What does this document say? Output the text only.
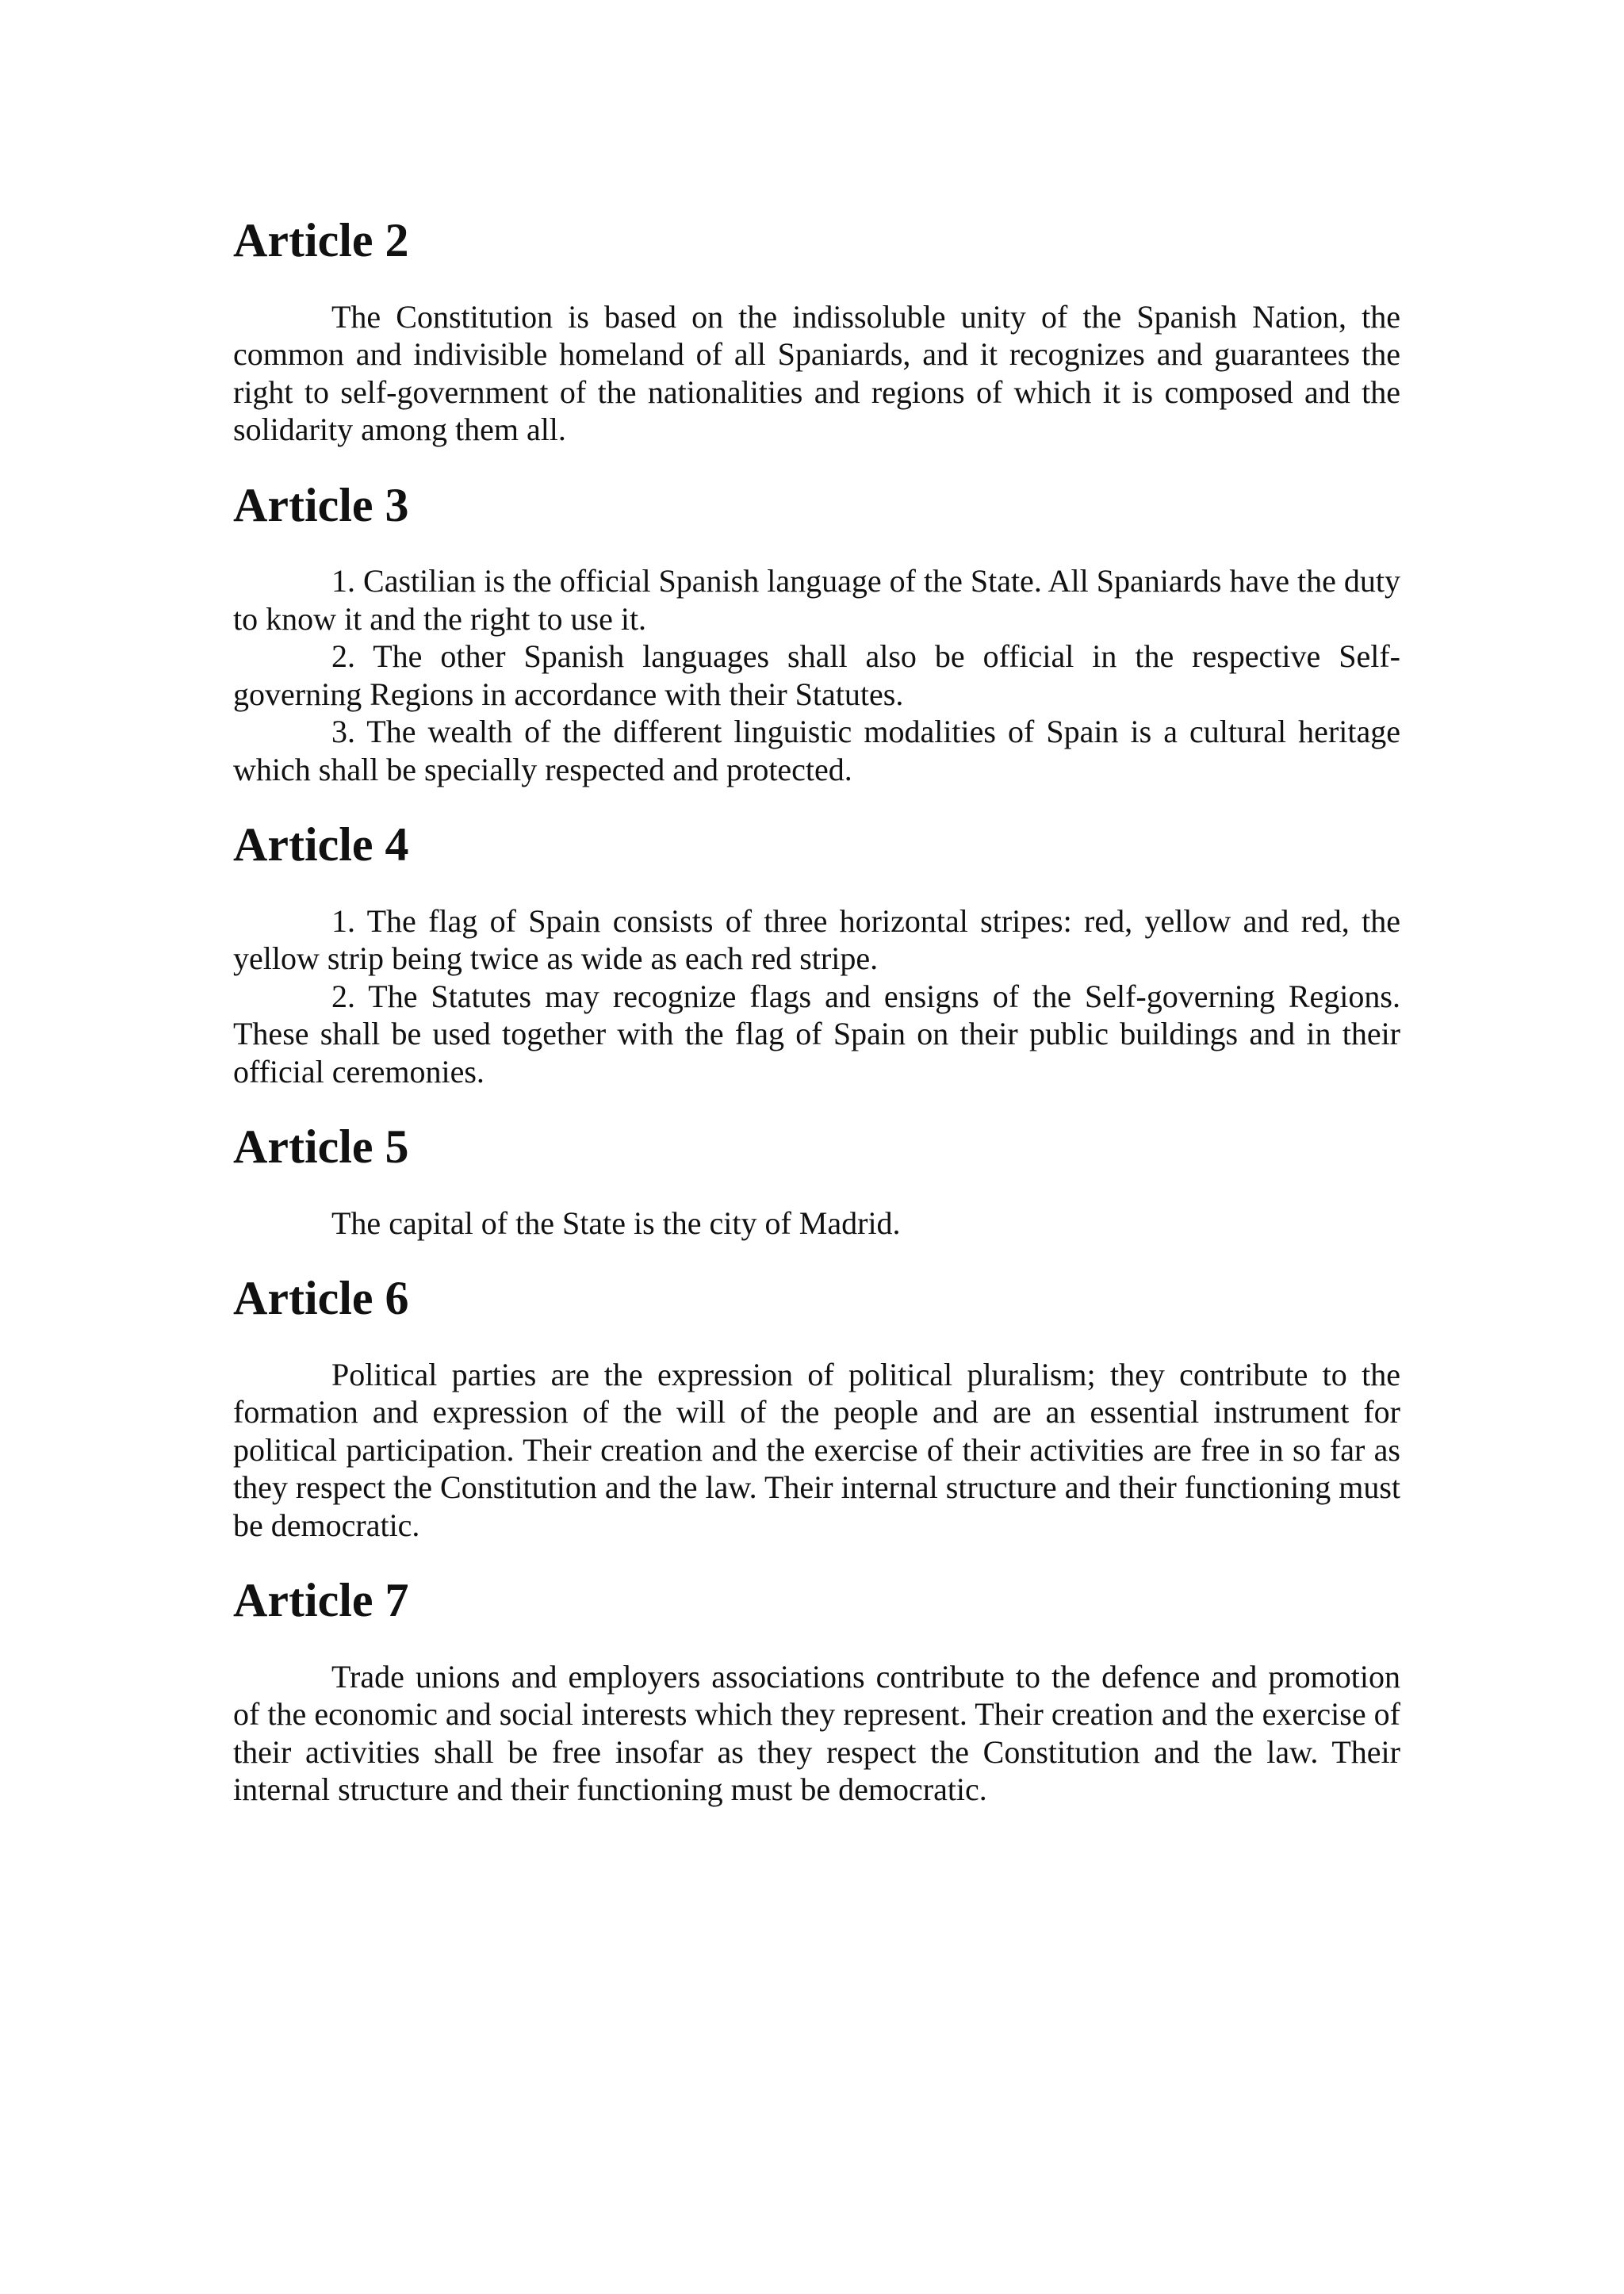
Article 2

The Constitution is based on the indissoluble unity of the Spanish Nation, the common and indivisible homeland of all Spaniards, and it recognizes and guarantees the right to self-government of the nationalities and regions of which it is composed and the solidarity among them all.

Article 3

1. Castilian is the official Spanish language of the State. All Spaniards have the duty to know it and the right to use it.

2. The other Spanish languages shall also be official in the respective Self-governing Regions in accordance with their Statutes.

3. The wealth of the different linguistic modalities of Spain is a cultural heritage which shall be specially respected and protected.

Article 4

1. The flag of Spain consists of three horizontal stripes: red, yellow and red, the yellow strip being twice as wide as each red stripe.

2. The Statutes may recognize flags and ensigns of the Self-governing Regions. These shall be used together with the flag of Spain on their public buildings and in their official ceremonies.

Article 5

The capital of the State is the city of Madrid.

Article 6

Political parties are the expression of political pluralism; they contribute to the formation and expression of the will of the people and are an essential instrument for political participation. Their creation and the exercise of their activities are free in so far as they respect the Constitution and the law. Their internal structure and their functioning must be democratic.

Article 7

Trade unions and employers associations contribute to the defence and promotion of the economic and social interests which they represent. Their creation and the exercise of their activities shall be free insofar as they respect the Constitution and the law. Their internal structure and their functioning must be democratic.
